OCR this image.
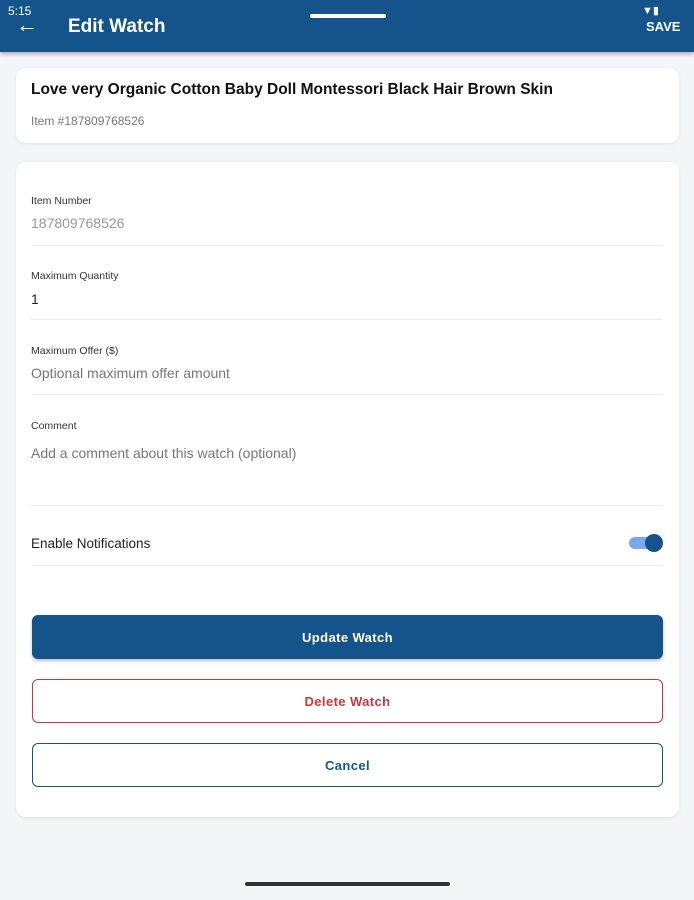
5:15
← Edit Watch
▼▮
SAVE
Love very Organic Cotton Baby Doll Montessori Black Hair Brown Skin
Item #187809768526
Item Number
187809768526
Maximum Quantity
1
Maximum Offer ($)
Optional maximum offer amount
Comment
Add a comment about this watch (optional)
Enable Notifications
Update Watch
Delete Watch
Cancel
